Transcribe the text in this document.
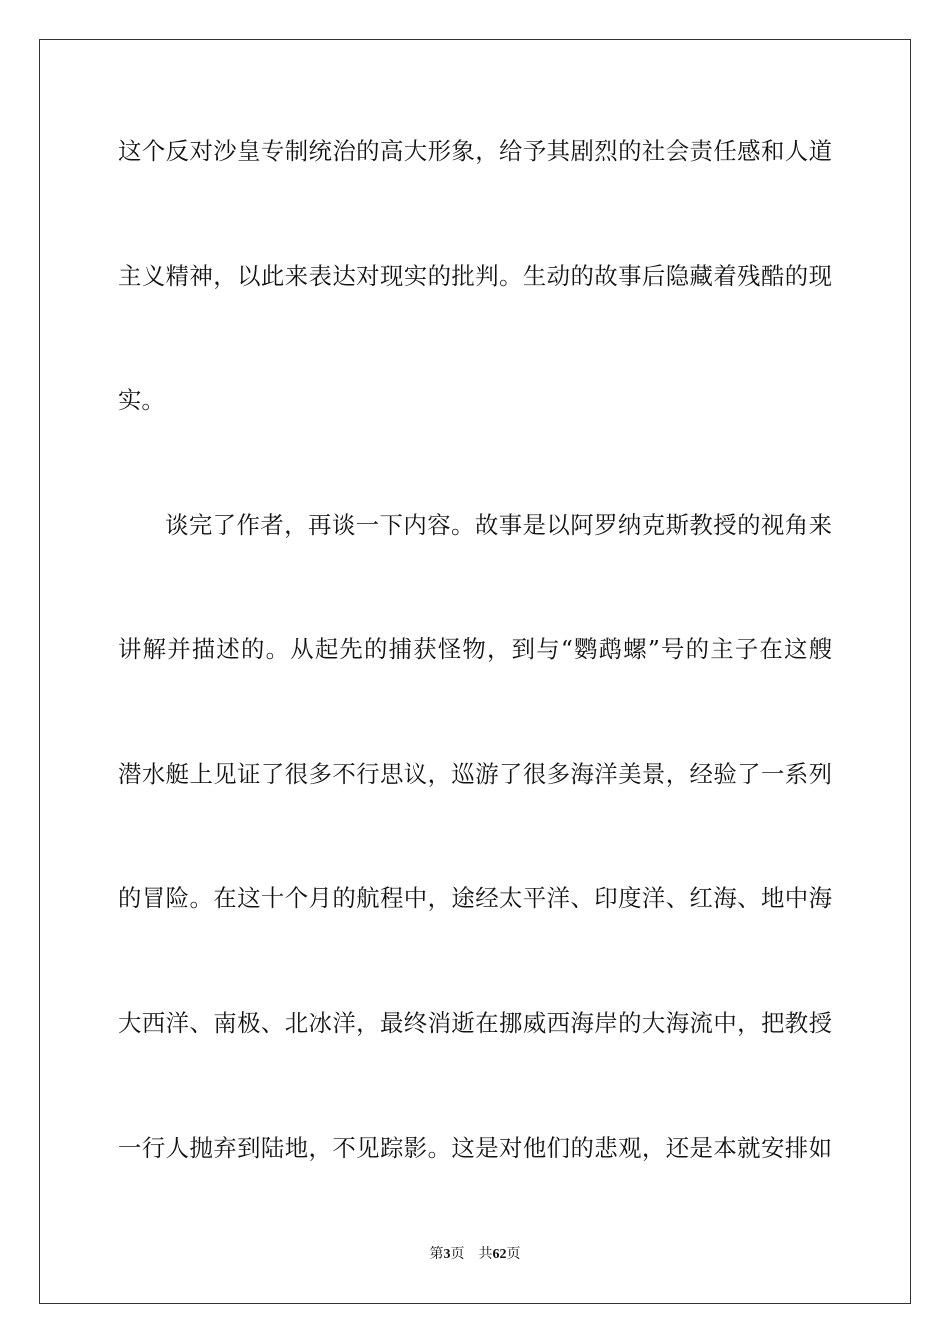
这个反对沙皇专制统治的高大形象，给予其剧烈的社会责任感和人道
主义精神，以此来表达对现实的批判。生动的故事后隐藏着残酷的现
实。
谈完了作者，再谈一下内容。故事是以阿罗纳克斯教授的视角来
讲解并描述的。从起先的捕获怪物，到与“鹦鹉螺”号的主子在这艘
潜水艇上见证了很多不行思议，巡游了很多海洋美景，经验了一系列
的冒险。在这十个月的航程中，途经太平洋、印度洋、红海、地中海
大西洋、南极、北冰洋，最终消逝在挪威西海岸的大海流中，把教授
一行人抛弃到陆地，不见踪影。这是对他们的悲观，还是本就安排如
第3页 共62页
